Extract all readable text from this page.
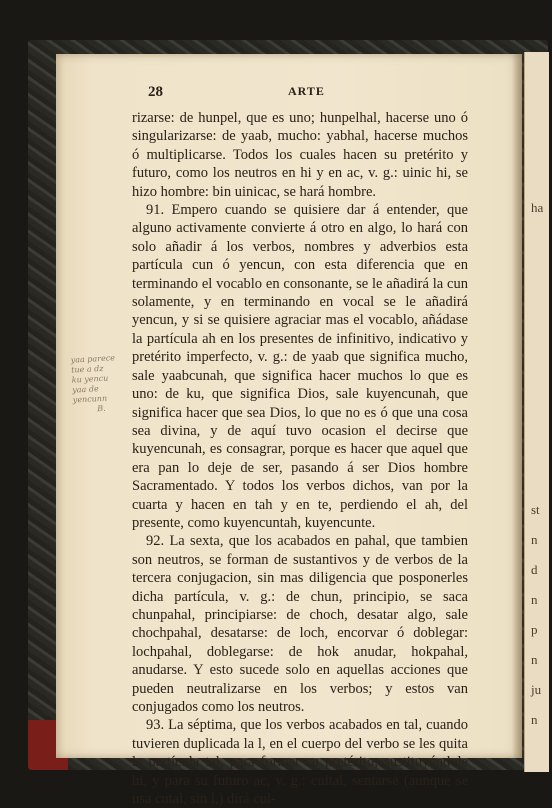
ha
st
n
d
n
p
n
ju
n
28	ARTE
yaa parece
tue a dz
ku yencu
yaa de
yencunn
B.

rizarse: de hunpel, que es uno; hunpelhal, hacerse uno ó singularizarse: de yaab, mucho: yabhal, hacerse muchos ó multiplicarse. Todos los cuales hacen su pretérito y futuro, como los neutros en hi y en ac, v. g.: uinic hi, se hizo hombre: bin uinicac, se hará hombre.

91. Empero cuando se quisiere dar á entender, que alguno activamente convierte á otro en algo, lo hará con solo añadir á los verbos, nombres y adverbios esta partícula cun ó yencun, con esta diferencia que en terminando el vocablo en consonante, se le añadirá la cun solamente, y en terminando en vocal se le añadirá yencun, y si se quisiere agraciar mas el vocablo, añádase la partícula ah en los presentes de infinitivo, indicativo y pretérito imperfecto, v. g.: de yaab que significa mucho, sale yaabcunah, que significa hacer muchos lo que es uno: de ku, que significa Dios, sale kuyencunah, que significa hacer que sea Dios, lo que no es ó que una cosa sea divina, y de aquí tuvo ocasion el decirse que kuyencunah, es consagrar, porque es hacer que aquel que era pan lo deje de ser, pasando á ser Dios hombre Sacramentado. Y todos los verbos dichos, van por la cuarta y hacen en tah y en te, perdiendo el ah, del presente, como kuyencuntah, kuyencunte.

92. La sexta, que los acabados en pahal, que tambien son neutros, se forman de sustantivos y de verbos de la tercera conjugacion, sin mas diligencia que posponerles dicha partícula, v. g.: de chun, principio, se saca chunpahal, principiarse: de choch, desatar algo, sale chochpahal, desatarse: de loch, encorvar ó doblegar: lochpahal, doblegarse: de hok anudar, hokpahal, anudarse. Y esto sucede solo en aquellas acciones que pueden neutralizarse en los verbos; y estos van conjugados como los neutros.

93. La séptima, que los verbos acabados en tal, cuando tuvieren duplicada la l, en el cuerpo del verbo se les quita la partícula tal, para formar su pretérito; sustituyéndole hi, y para su futuro ac, v. g.: cultal, sentarse (aunque se usa cutal, sin l,) dirá cul-
